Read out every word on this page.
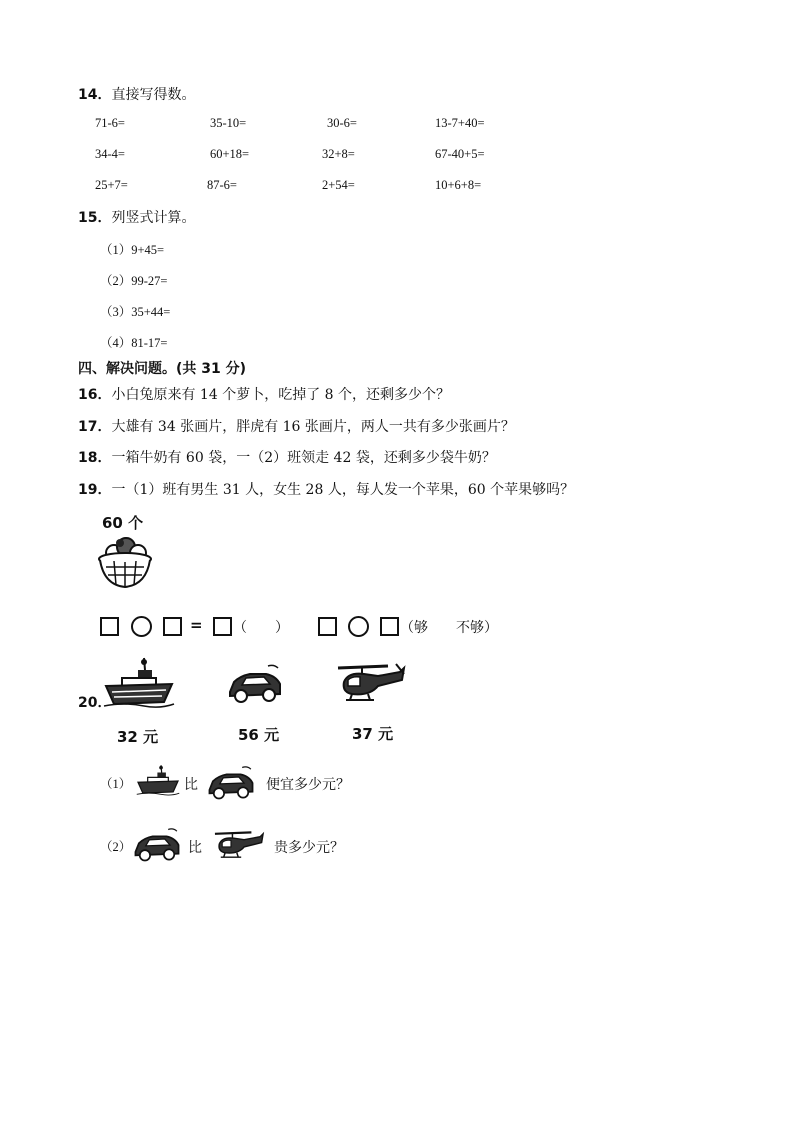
14．直接写得数。
71-6=	35-10=	30-6=	13-7+40=
34-4=	60+18=	32+8=	67-40+5=
25+7=	87-6=	2+54=	10+6+8=
15．列竖式计算。
（1）9+45=
（2）99-27=
（3）35+44=
（4）81-17=
四、解决问题。(共 31 分)
16．小白兔原来有 14 个萝卜，吃掉了 8 个，还剩多少个？
17．大雄有 34 张画片，胖虎有 16 张画片，两人一共有多少张画片？
18．一箱牛奶有 60 袋，一（2）班领走 42 袋，还剩多少袋牛奶？
19．一（1）班有男生 31 人，女生 28 人，每人发一个苹果，60 个苹果够吗？
60 个
= （　　）	（够　　不够）
20．
32 元	56 元	37 元
（1）	比	便宜多少元？
（2）	比	贵多少元？
